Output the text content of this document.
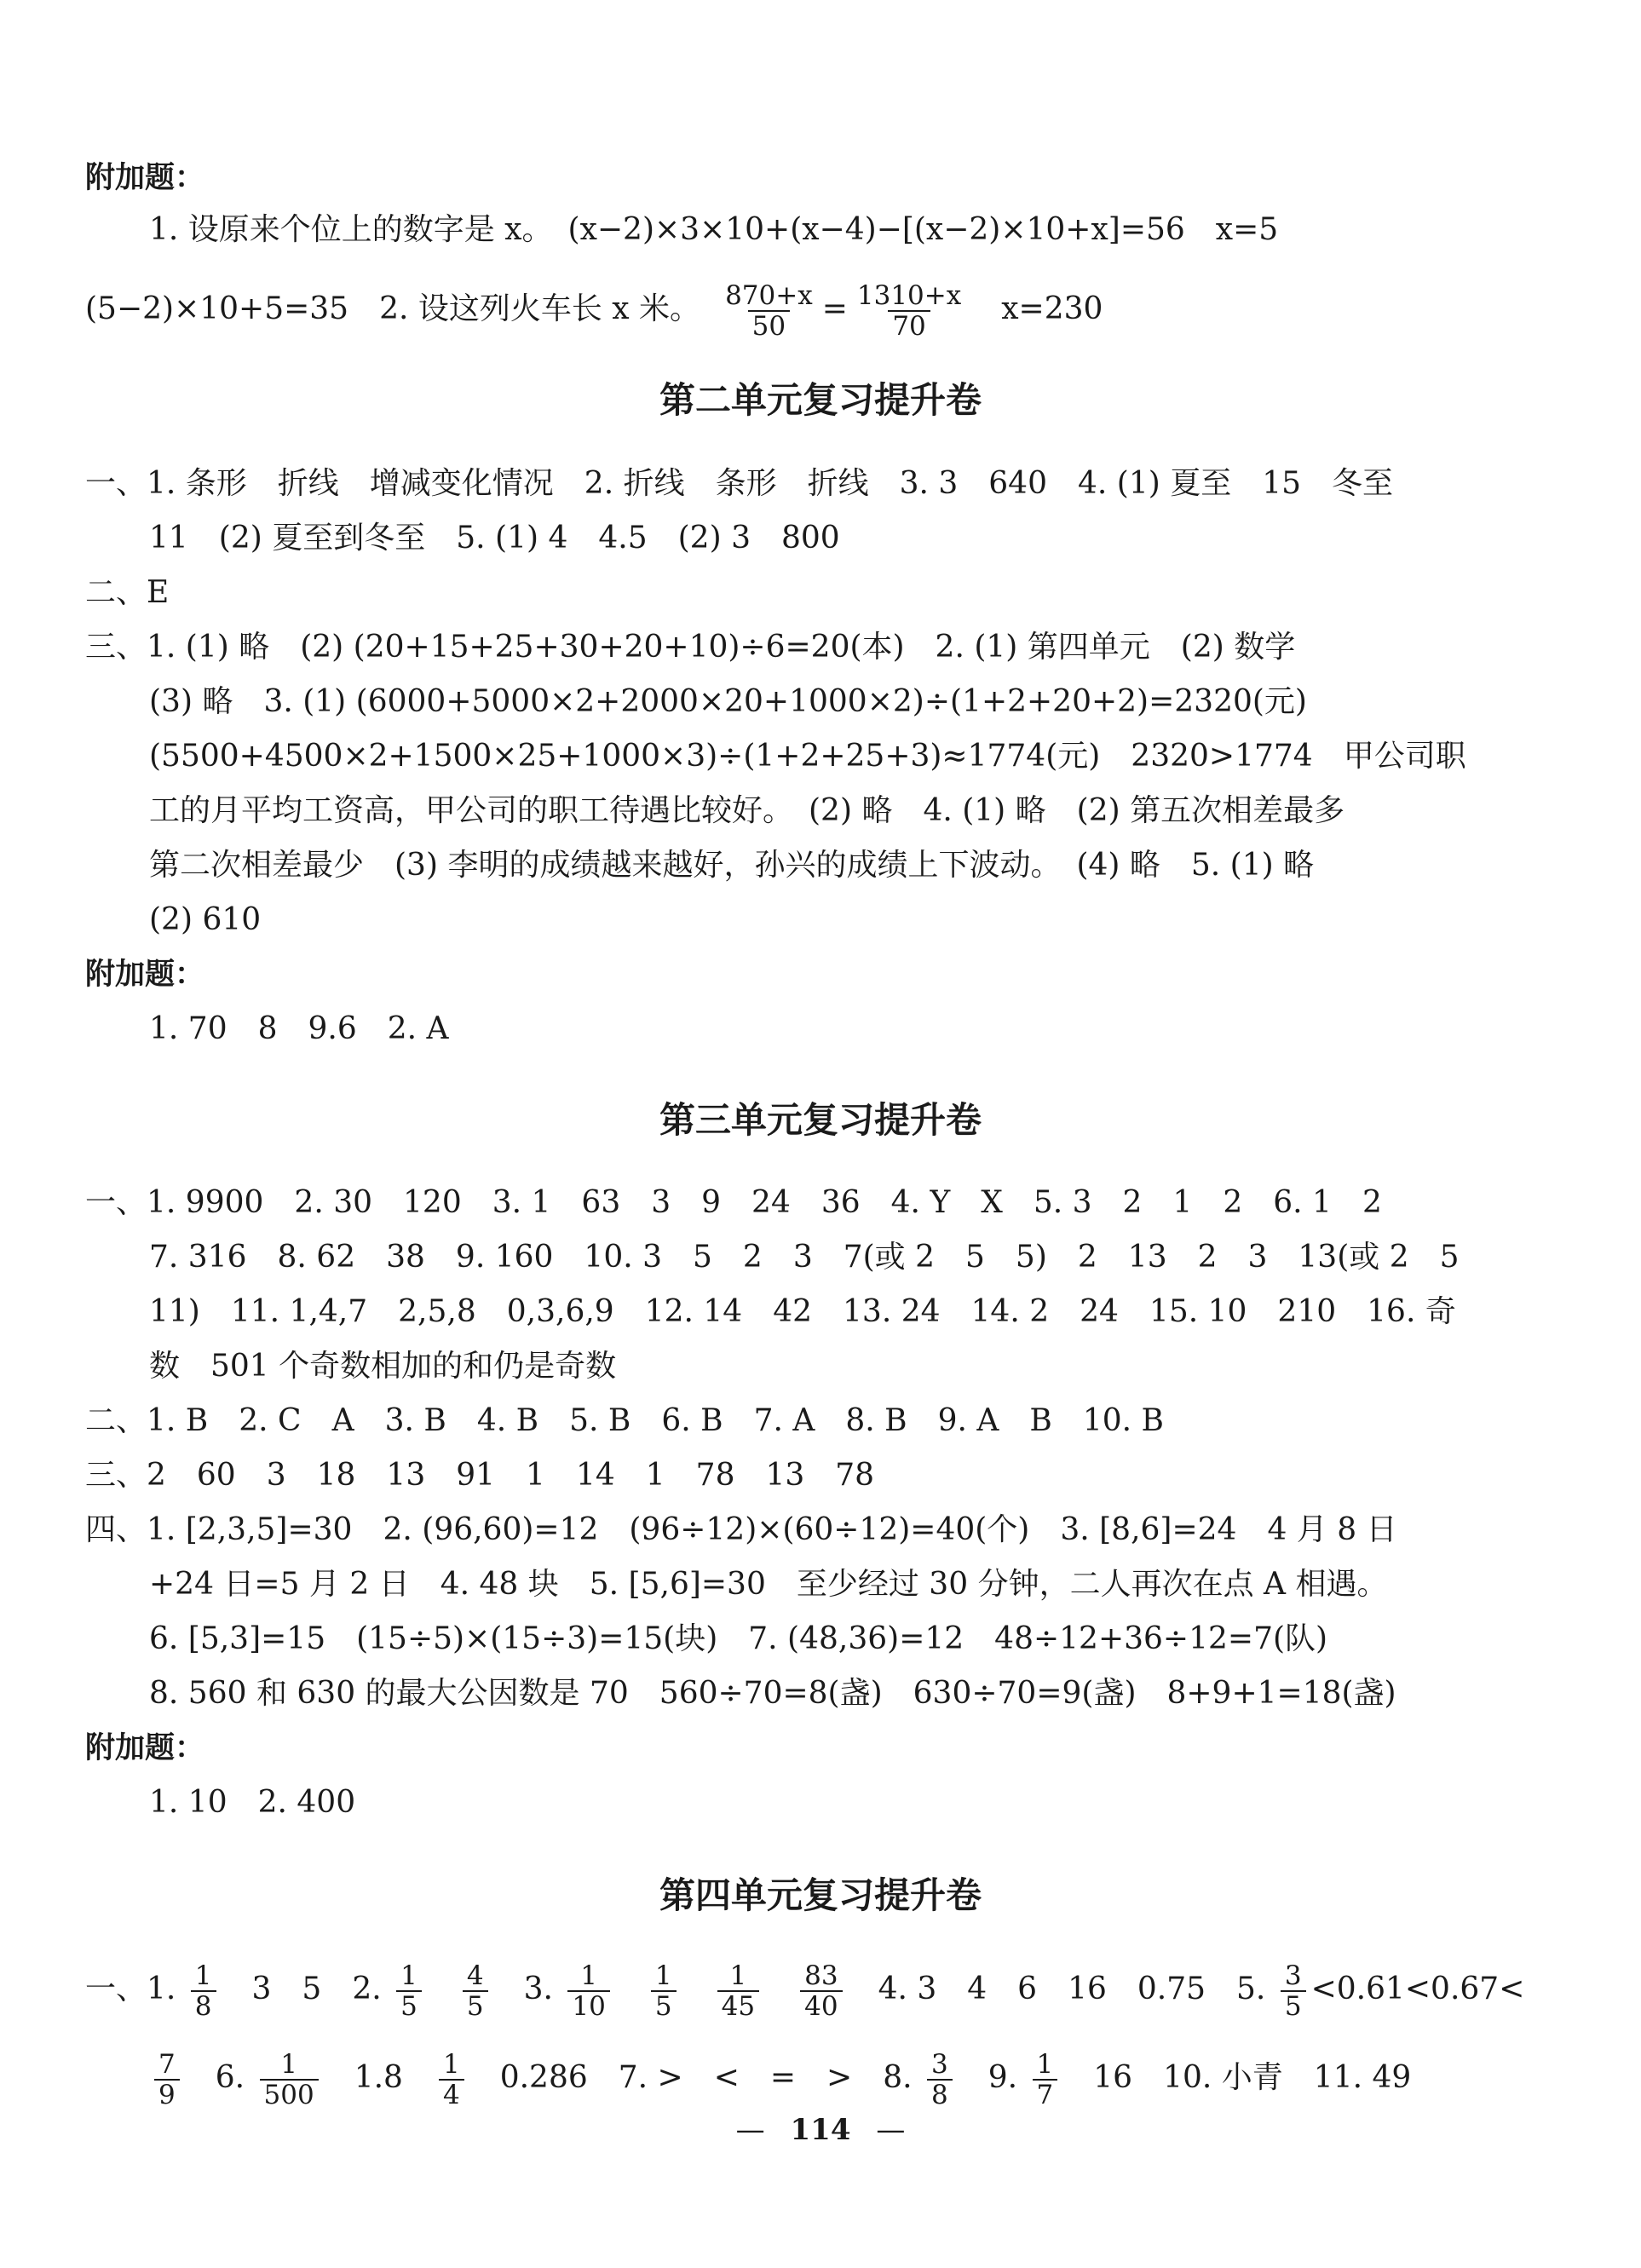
附加题：
1. 设原来个位上的数字是 x。　(x−2)×3×10+(x−4)−[(x−2)×10+x]=56　x=5
(5−2)×10+5=35　2. 设这列火车长 x 米。　 $\frac{870+x}{50} = \frac{1310+x}{70}$ 　x=230
第二单元复习提升卷
一、1. 条形　折线　增减变化情况　2. 折线　条形　折线　3. 3　640　4. (1) 夏至　15　冬至
11　(2) 夏至到冬至　5. (1) 4　4.5　(2) 3　800
二、E
三、1. (1) 略　(2) (20+15+25+30+20+10)÷6=20(本)　2. (1) 第四单元　(2) 数学
(3) 略　3. (1) (6000+5000×2+2000×20+1000×2)÷(1+2+20+2)=2320(元)
(5500+4500×2+1500×25+1000×3)÷(1+2+25+3)≈1774(元)　2320>1774　甲公司职
工的月平均工资高，甲公司的职工待遇比较好。　(2) 略　4. (1) 略　(2) 第五次相差最多
第二次相差最少　(3) 李明的成绩越来越好，孙兴的成绩上下波动。　(4) 略　5. (1) 略
(2) 610
附加题：
1. 70　8　9.6　2. A
第三单元复习提升卷
一、1. 9900　2. 30　120　3. 1　63　3　9　24　36　4. Y　X　5. 3　2　1　2　6. 1　2
7. 316　8. 62　38　9. 160　10. 3　5　2　3　7(或 2　5　5)　2　13　2　3　13(或 2　5
11)　11. 1,4,7　2,5,8　0,3,6,9　12. 14　42　13. 24　14. 2　24　15. 10　210　16. 奇
数　501 个奇数相加的和仍是奇数
二、1. B　2. C　A　3. B　4. B　5. B　6. B　7. A　8. B　9. A　B　10. B
三、2　60　3　18　13　91　1　14　1　78　13　78
四、1. [2,3,5]=30　2. (96,60)=12　(96÷12)×(60÷12)=40(个)　3. [8,6]=24　4 月 8 日
+24 日=5 月 2 日　4. 48 块　5. [5,6]=30　至少经过 30 分钟，二人再次在点 A 相遇。
6. [5,3]=15　(15÷5)×(15÷3)=15(块)　7. (48,36)=12　48÷12+36÷12=7(队)
8. 560 和 630 的最大公因数是 70　560÷70=8(盏)　630÷70=9(盏)　8+9+1=18(盏)
附加题：
1. 10　2. 400
第四单元复习提升卷
一、1. $\frac{1}{8}$ 　3　5　2. $\frac{1}{5}$
　 $\frac{4}{5}$ 　3. $\frac{1}{10}$
　 $\frac{1}{5}$
　 $\frac{1}{45}$
　 $\frac{83}{40}$ 　4. 3　4　6　16　0.75　5. $\frac{3}{5} <0.61<0.67<$
$\frac{7}{9}$ 　6. $\frac{1}{500}$ 　1.8　 $\frac{1}{4}$ 　0.286　7. >　<　=　>　8. $\frac{3}{8}$ 　9. $\frac{1}{7}$ 　16　10. 小青　11. 49
— 114 —
